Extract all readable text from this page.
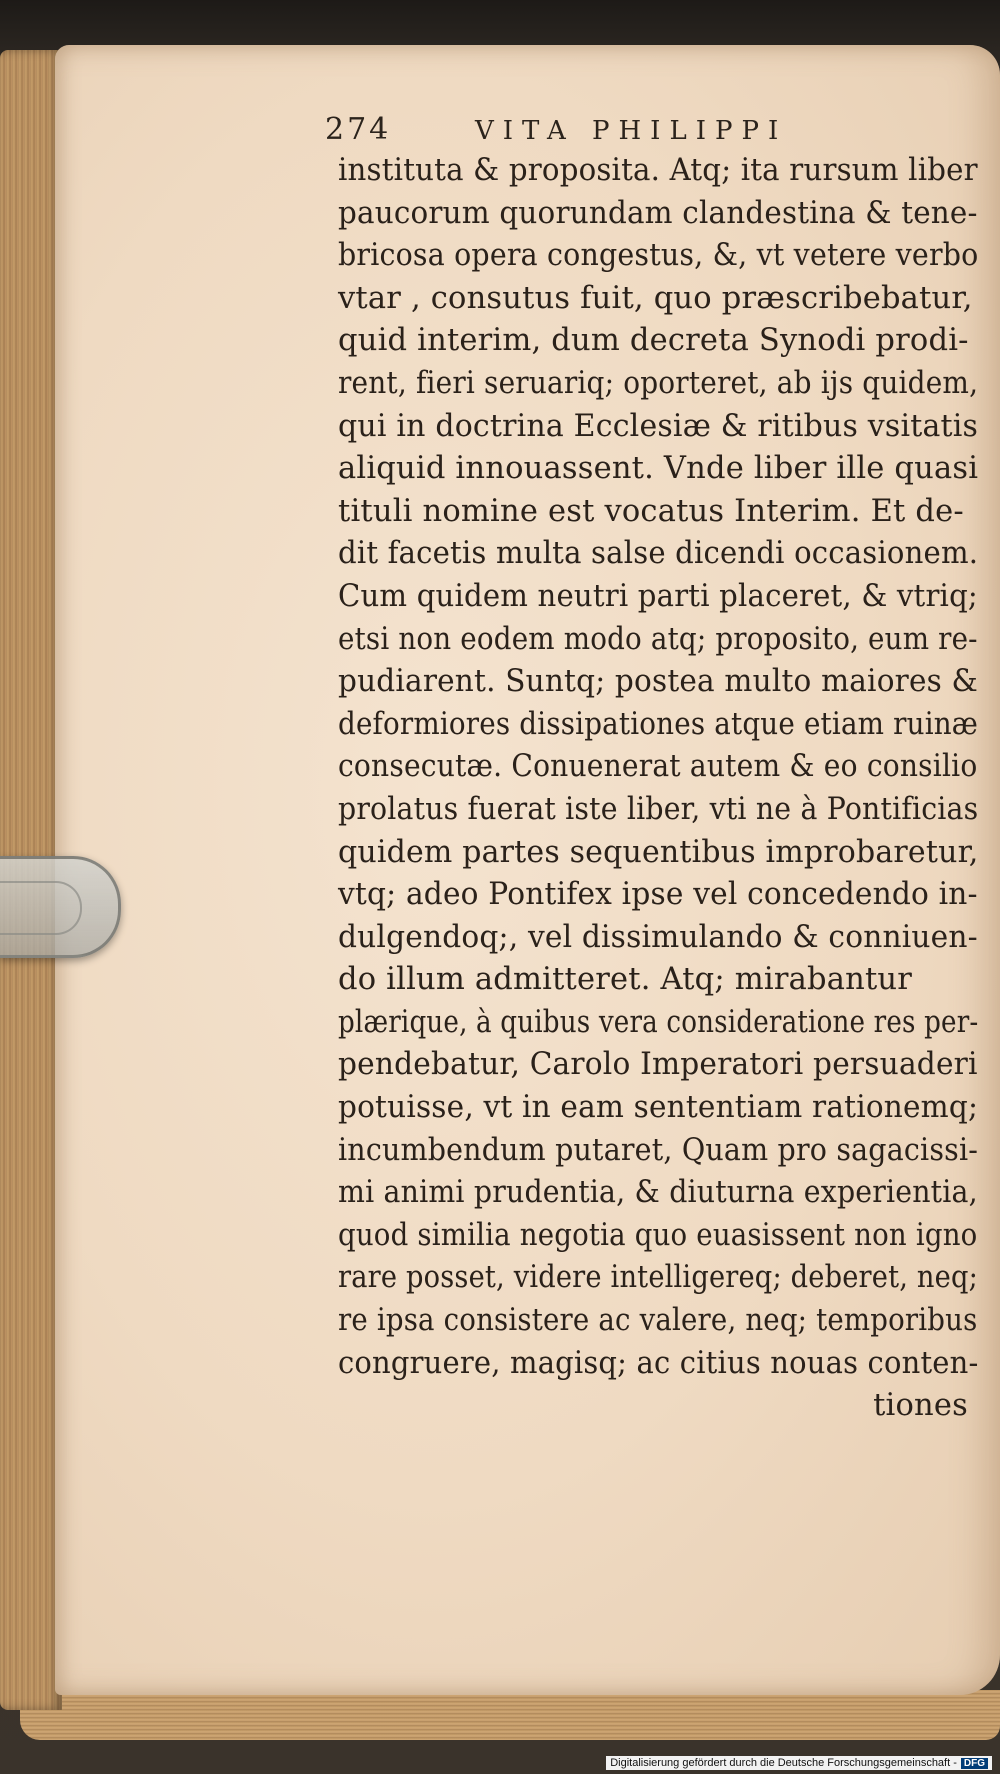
274	VITA PHILIPPI
institutа & proposita. Atq; ita rursum liber
paucorum quorundam clandestina & tene-
bricosa opera congestus, &, vt vetere verbo
vtar , consutus fuit, quo præscribebatur,
quid interim, dum decreta Synodi prodi-
rent, fieri seruariq; oporteret, ab ijs quidem,
qui in doctrina Ecclesiæ & ritibus vsitatis
aliquid innouassent. Vnde liber ille quasi
tituli nomine est vocatus Interim. Et de-
dit facetis multa salse dicendi occasionem.
Cum quidem neutri parti placeret, & vtriq;
etsi non eodem modo atq; proposito, eum re-
pudiarent. Suntq; postea multo maiores &
deformiores dissipationes atque etiam ruinæ
consecutæ. Conuenerat autem & eo consilio
prolatus fuerat iste liber, vti ne à Pontificias
quidem partes sequentibus improbaretur,
vtq; adeo Pontifex ipse vel concedendo in-
dulgendoq;, vel dissimulando & conniuen-
do illum admitteret. Atq; mirabantur
plærique, à quibus vera consideratione res per-
pendebatur, Carolo Imperatori persuaderi
potuisse, vt in eam sententiam rationemq;
incumbendum putaret, Quam pro sagacissi-
mi animi prudentia, & diuturna experientia,
quod similia negotia quo euasissent non igno
rare posset, videre intelligereq; deberet, neq;
re ipsa consistere ac valere, neq; temporibus
congruere, magisq; ac citius nouas conten-
tiones
Digitalisierung gefördert durch die Deutsche Forschungsgemeinschaft - DFG
